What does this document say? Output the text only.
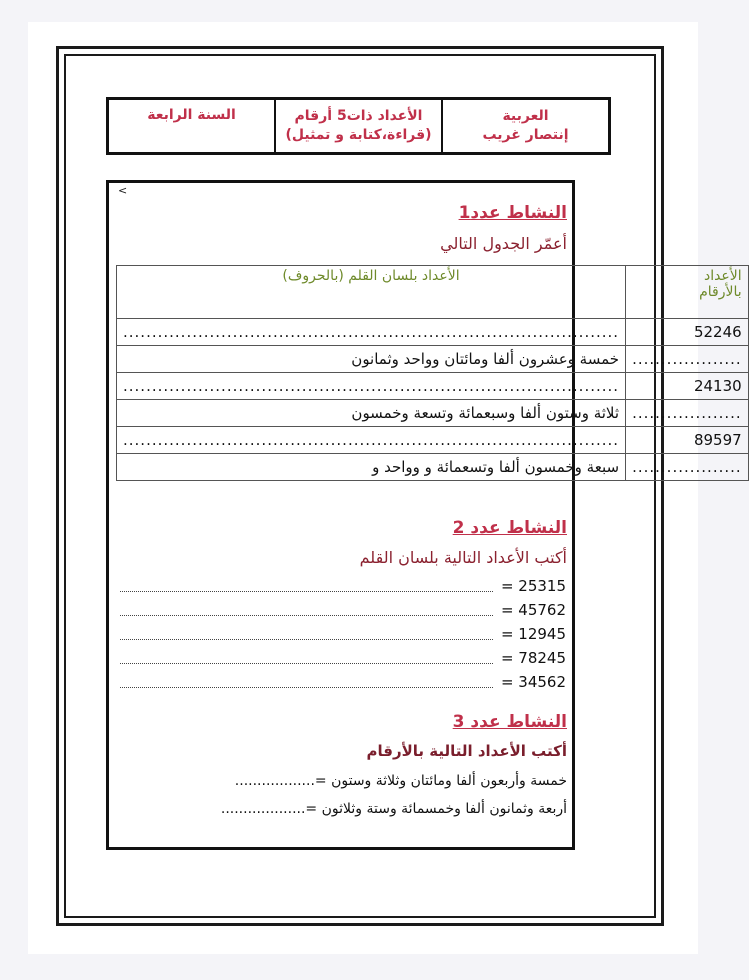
العربية
إنتصار غريب
الأعداد ذات5 أرقام
(قراءة،كتابة و تمثيل)
السنة الرابعة
<
النشاط عدد1
أعمّر الجدول التالي
الأعداد
بالأرقام	الأعداد بلسان القلم (بالحروف)
52246	......................................................................................
...................	خمسة وعشرون ألفا ومائتان وواحد وثمانون
24130	......................................................................................
...................	ثلاثة وستون ألفا وسبعمائة وتسعة وخمسون
89597	......................................................................................
...................	سبعة وخمسون ألفا وتسعمائة و وواحد و
النشاط عدد 2
أكتب الأعداد التالية بلسان القلم
25315 =
45762 =
12945 =
78245 =
34562 =
النشاط عدد 3
أكتب الأعداد التالية بالأرقام
خمسة وأربعون ألفا ومائتان وثلاثة وستون =..................
أربعة وثمانون ألفا وخمسمائة وستة وثلاثون =...................
